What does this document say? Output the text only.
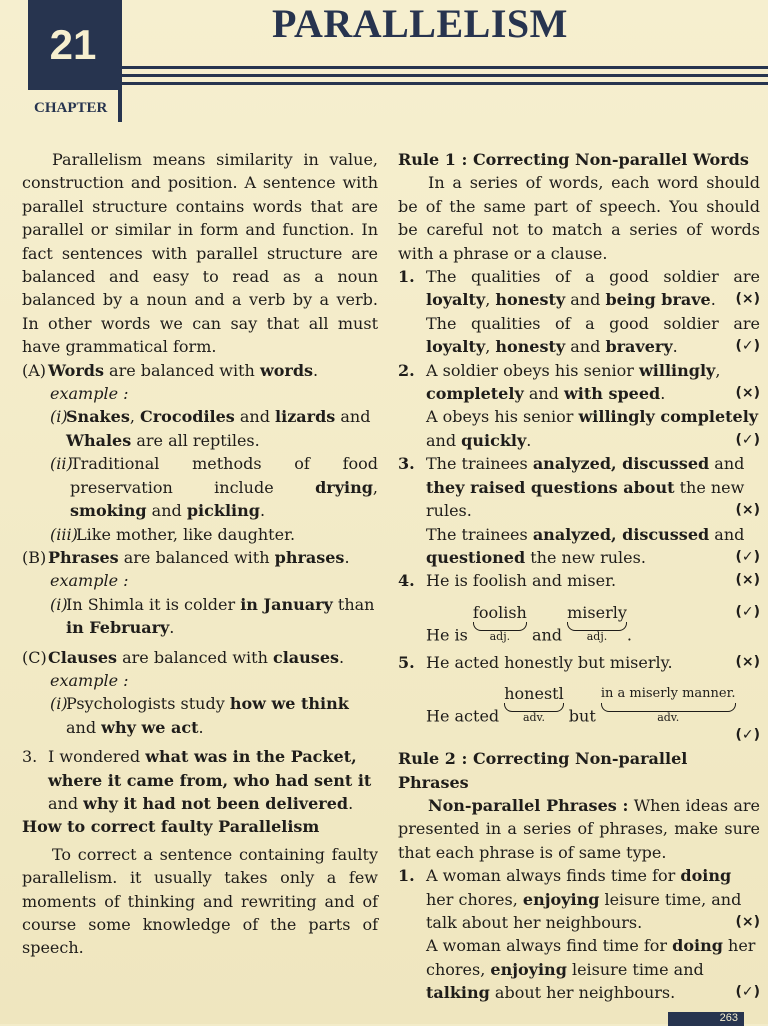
21
CHAPTER
PARALLELISM

Parallelism means similarity in value, construction and position. A sentence with parallel structure contains words that are parallel or similar in form and function. In fact sentences with parallel structure are balanced and easy to read as a noun balanced by a noun and a verb by a verb. In other words we can say that all must have grammatical form.

(A) Words are balanced with words.
example :
(i)
Snakes, Crocodiles and lizards and Whales are all reptiles.
(ii)
Traditional methods of food preservation include drying, smoking and pickling.
(iii)
Like mother, like daughter.
(B) Phrases are balanced with phrases.
example :
(i)
In Shimla it is colder in January than in February.
(C) Clauses are balanced with clauses.
example :
(i)
Psychologists study how we think and why we act.
3. I wondered what was in the Packet, where it came from, who had sent it and why it had not been delivered.
How to correct faulty Parallelism

To correct a sentence containing faulty parallelism. it usually takes only a few moments of thinking and rewriting and of course some knowledge of the parts of speech.

Rule 1 : Correcting Non-parallel Words

In a series of words, each word should be of the same part of speech. You should be careful not to match a series of words with a phrase or a clause.

1. The qualities of a good soldier are loyalty, honesty and being brave. (×)
The qualities of a good soldier are loyalty, honesty and bravery.	(✓)
2. A soldier obeys his senior willingly, completely and with speed.	(×)
A obeys his senior willingly completely and quickly.	(✓)
3. The trainees analyzed, discussed and they raised questions about the new rules.	(×)
The trainees analyzed, discussed and questioned the new rules.	(✓)
4. He is foolish and miser.	(×)
He is foolish
adj.	and miserly
adj.	.
(✓)
5. He acted honestly but miserly.	(×)
He acted honestl
adv.	but in a miserly manner.
adv.
(✓)
Rule 2 : Correcting Non-parallel Phrases

Non-parallel Phrases : When ideas are presented in a series of phrases, make sure that each phrase is of same type.

1. A woman always finds time for doing her chores, enjoying leisure time, and talk about her neighbours.	(×)
A woman always find time for doing her chores, enjoying leisure time and talking about her neighbours.	(✓)
263
